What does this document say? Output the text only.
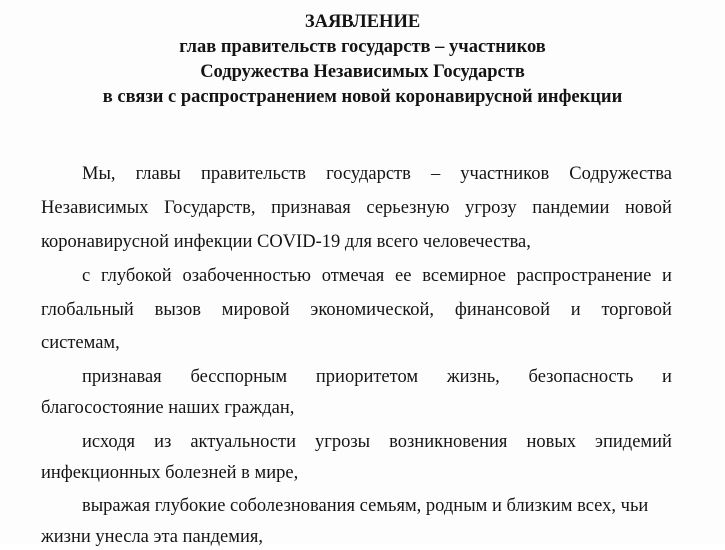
ЗАЯВЛЕНИЕ
глав правительств государств – участников
Содружества Независимых Государств
в связи с распространением новой коронавирусной инфекции
Мы, главы правительств государств – участников Содружества
Независимых Государств, признавая серьезную угрозу пандемии новой
коронавирусной инфекции COVID-19 для всего человечества,
с глубокой озабоченностью отмечая ее всемирное распространение и
глобальный вызов мировой экономической, финансовой и торговой
системам,
признавая бесспорным приоритетом жизнь, безопасность и
благосостояние наших граждан,
исходя из актуальности угрозы возникновения новых эпидемий
инфекционных болезней в мире,
выражая глубокие соболезнования семьям, родным и близким всех, чьи
жизни унесла эта пандемия,
